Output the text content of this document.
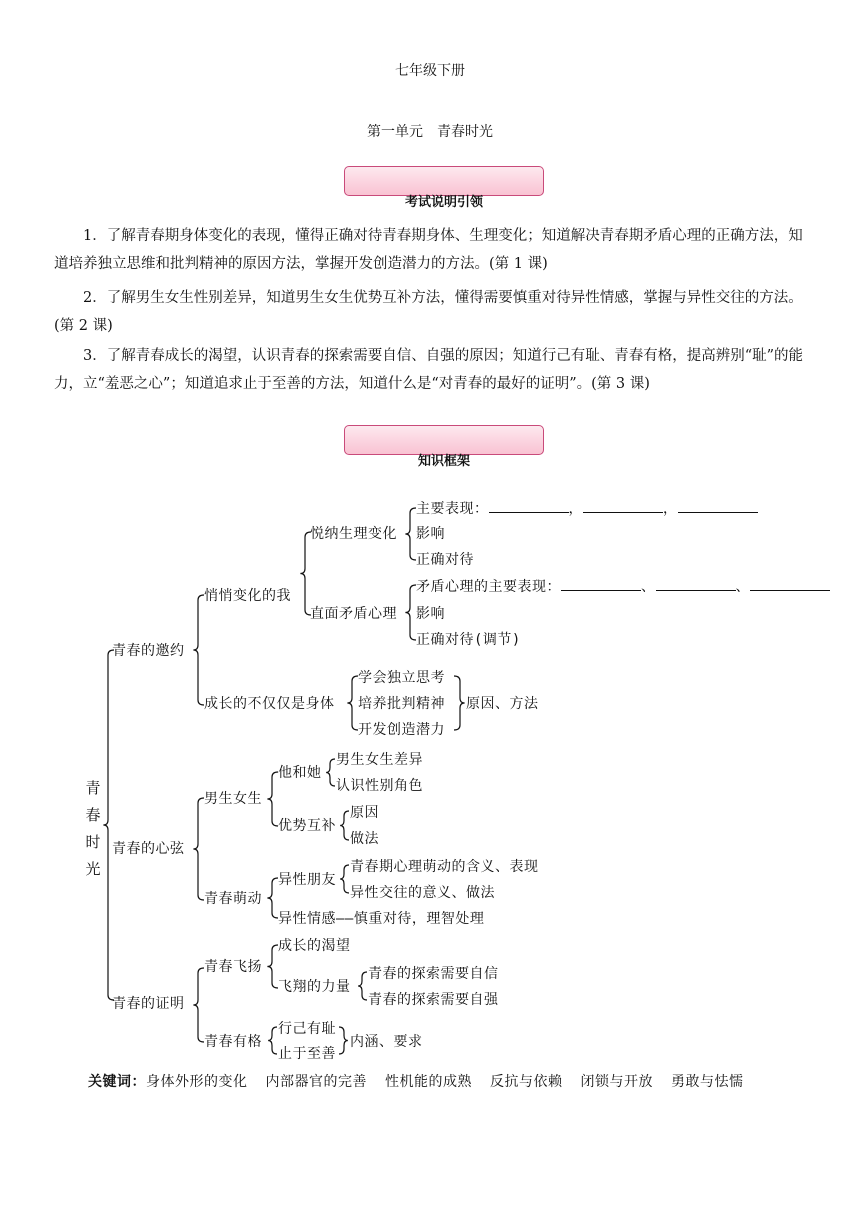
七年级下册
第一单元　青春时光
考试说明引领

1．了解青春期身体变化的表现，懂得正确对待青春期身体、生理变化；知道解决青春期矛盾心理的正确方法，知道培养独立思维和批判精神的原因方法，掌握开发创造潜力的方法。(第 1 课)

2．了解男生女生性别差异，知道男生女生优势互补方法，懂得需要慎重对待异性情感，掌握与异性交往的方法。(第 2 课)

3．了解青春成长的渴望，认识青春的探索需要自信、自强的原因；知道行己有耻、青春有格，提高辨别“耻”的能力，立“羞恶之心”；知道追求止于至善的方法，知道什么是“对青春的最好的证明”。(第 3 课)

知识框架
青
春
时
光
青春的邀约
青春的心弦
青春的证明
悄悄变化的我
成长的不仅仅是身体
悦纳生理变化
直面矛盾心理
主要表现：	，	，
影响
正确对待
矛盾心理的主要表现：	、	、
影响
正确对待(调节)
学会独立思考
培养批判精神
开发创造潜力
原因、方法
男生女生
青春萌动
他和她
优势互补
男生女生差异
认识性别角色
原因
做法
异性朋友
青春期心理萌动的含义、表现
异性交往的意义、做法
异性情感——慎重对待，理智处理
青春飞扬
青春有格
成长的渴望
飞翔的力量
青春的探索需要自信
青春的探索需要自强
行己有耻
止于至善
内涵、要求
关键词：身体外形的变化 内部器官的完善 性机能的成熟 反抗与依赖 闭锁与开放 勇敢与怯懦
